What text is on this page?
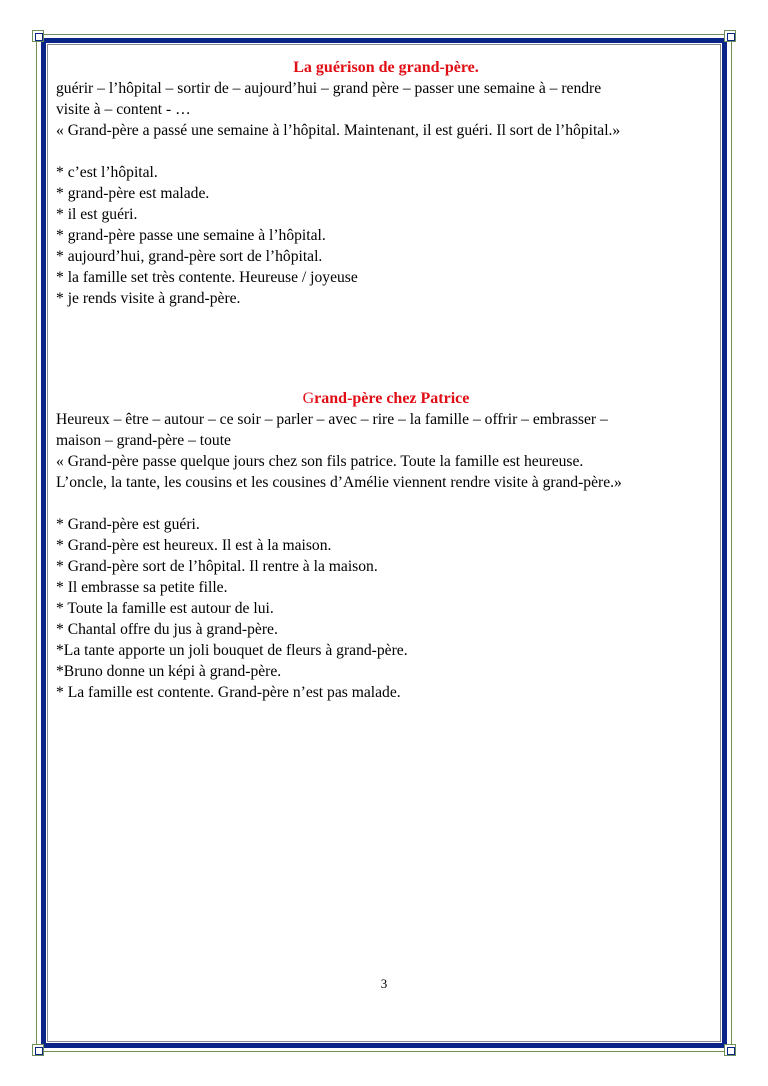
La guérison de grand-père.

guérir – l’hôpital – sortir de – aujourd’hui – grand père – passer une semaine à – rendre

visite à – content - …

« Grand-père a passé une semaine à l’hôpital. Maintenant, il est guéri. Il sort de l’hôpital.»

* c’est l’hôpital.

* grand-père est malade.

* il est guéri.

* grand-père passe une semaine à l’hôpital.

* aujourd’hui, grand-père sort de l’hôpital.

* la famille set très contente. Heureuse / joyeuse

* je rends visite à grand-père.

Grand-père chez Patrice

Heureux – être – autour – ce soir – parler – avec – rire – la famille – offrir – embrasser –

maison – grand-père – toute

« Grand-père passe quelque jours chez son fils patrice. Toute la famille est heureuse.

L’oncle, la tante, les cousins et les cousines d’Amélie viennent rendre visite à grand-père.»

* Grand-père est guéri.

* Grand-père est heureux. Il est à la maison.

* Grand-père sort de l’hôpital. Il rentre à la maison.

* Il embrasse sa petite fille.

* Toute la famille est autour de lui.

* Chantal offre du jus à grand-père.

*La tante apporte un joli bouquet de fleurs à grand-père.

*Bruno donne un képi à grand-père.

* La famille est contente. Grand-père n’est pas malade.

3
